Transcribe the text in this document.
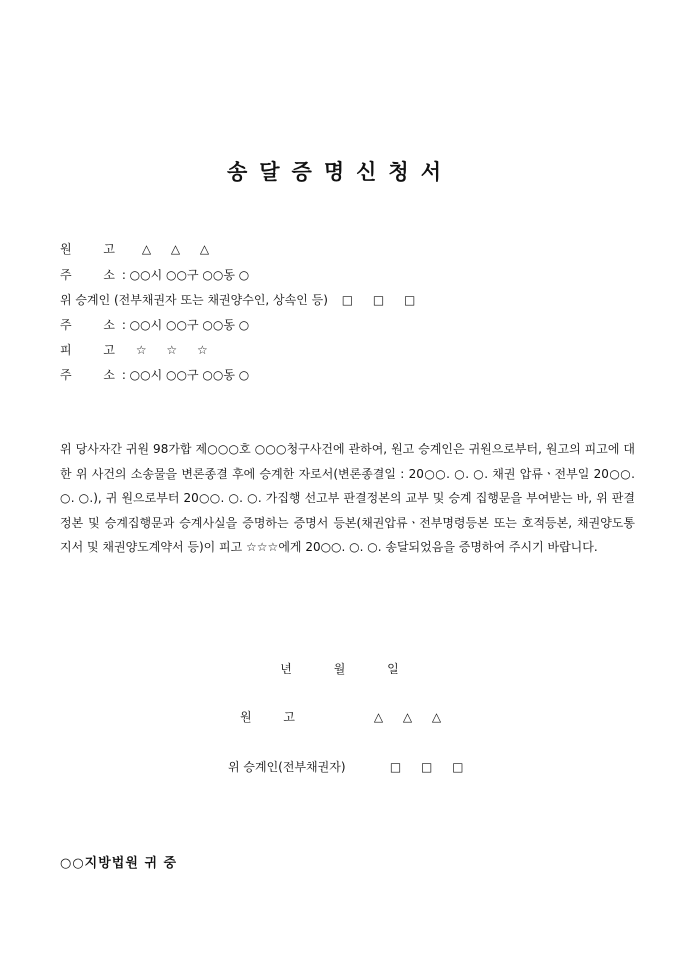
송달증명신청서
원 고 △ △ △
주 소 : ○○시 ○○구 ○○동 ○
위 승계인 (전부채권자 또는 채권양수인, 상속인 등) □ □ □
주 소 : ○○시 ○○구 ○○동 ○
피 고 ☆ ☆ ☆
주 소 : ○○시 ○○구 ○○동 ○
위 당사자간 귀원 98가합 제○○○호 ○○○청구사건에 관하여, 원고 승계인은 귀원으로부터, 원고의 피고에 대한 위 사건의 소송물을 변론종결 후에 승계한 자로서(변론종결일 : 20○○. ○. ○. 채권 압류ㆍ전부일 20○○. ○. ○.), 귀 원으로부터 20○○. ○. ○. 가집행 선고부 판결정본의 교부 및 승계 집행문을 부여받는 바, 위 판결정본 및 승계집행문과 승계사실을 증명하는 증명서 등본(채권압류ㆍ전부명령등본 또는 호적등본, 채권양도통지서 및 채권양도계약서 등)이 피고 ☆☆☆에게 20○○. ○. ○. 송달되었음을 증명하여 주시기 바랍니다.
년	월	일
원 고	△ △ △
위 승계인(전부채권자)	□ □ □
○○지방법원 귀 중
